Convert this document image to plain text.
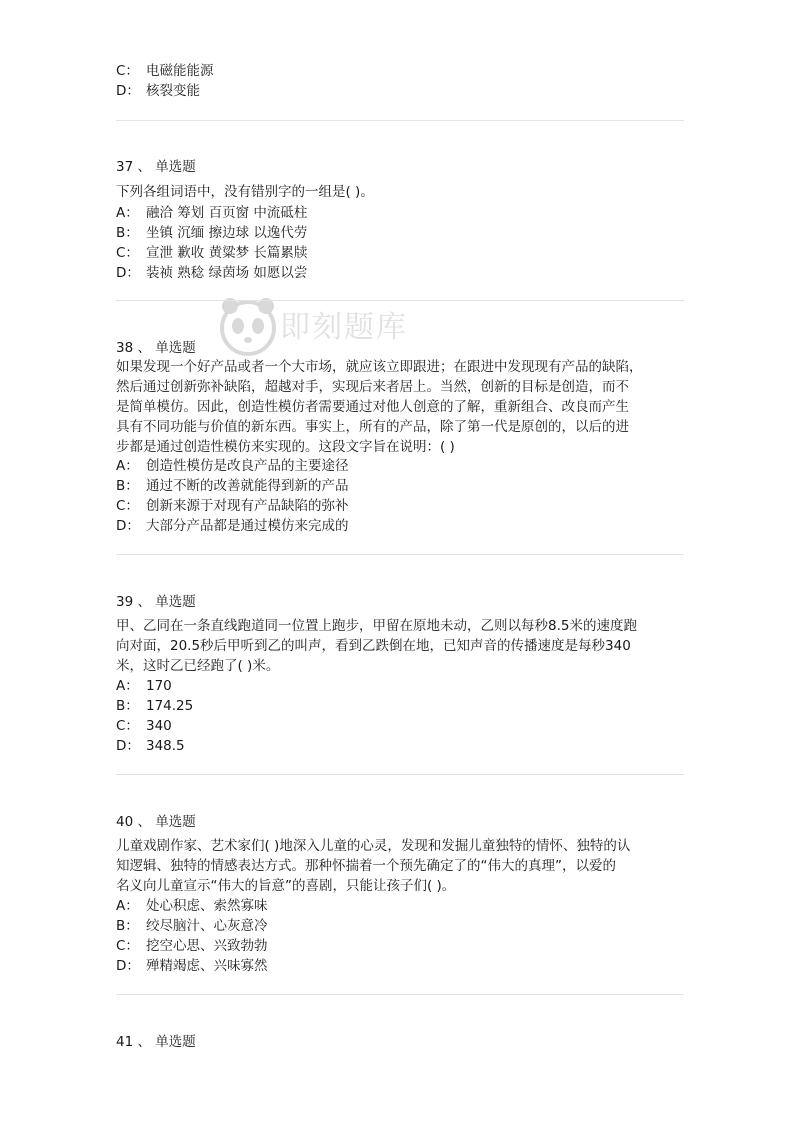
即刻题库
C： 电磁能能源
D： 核裂变能
37 、 单选题
下列各组词语中，没有错别字的一组是( )。
A： 融洽 筹划 百页窗 中流砥柱
B： 坐镇 沉缅 擦边球 以逸代劳
C： 宣泄 歉收 黄粱梦 长篇累牍
D： 装祯 熟稔 绿茵场 如愿以尝
38 、 单选题
如果发现一个好产品或者一个大市场，就应该立即跟进；在跟进中发现现有产品的缺陷，
然后通过创新弥补缺陷，超越对手，实现后来者居上。当然，创新的目标是创造，而不
是简单模仿。因此，创造性模仿者需要通过对他人创意的了解，重新组合、改良而产生
具有不同功能与价值的新东西。事实上，所有的产品，除了第一代是原创的，以后的进
步都是通过创造性模仿来实现的。这段文字旨在说明：( )
A： 创造性模仿是改良产品的主要途径
B： 通过不断的改善就能得到新的产品
C： 创新来源于对现有产品缺陷的弥补
D： 大部分产品都是通过模仿来完成的
39 、 单选题
甲、乙同在一条直线跑道同一位置上跑步，甲留在原地未动，乙则以每秒8.5米的速度跑
向对面，20.5秒后甲听到乙的叫声，看到乙跌倒在地，已知声音的传播速度是每秒340
米，这时乙已经跑了( )米。
A： 170
B： 174.25
C： 340
D： 348.5
40 、 单选题
儿童戏剧作家、艺术家们( )地深入儿童的心灵，发现和发掘儿童独特的情怀、独特的认
知逻辑、独特的情感表达方式。那种怀揣着一个预先确定了的“伟大的真理”，以爱的
名义向儿童宣示“伟大的旨意”的喜剧，只能让孩子们( )。
A： 处心积虑、索然寡味
B： 绞尽脑汁、心灰意冷
C： 挖空心思、兴致勃勃
D： 殚精竭虑、兴味寡然
41 、 单选题
